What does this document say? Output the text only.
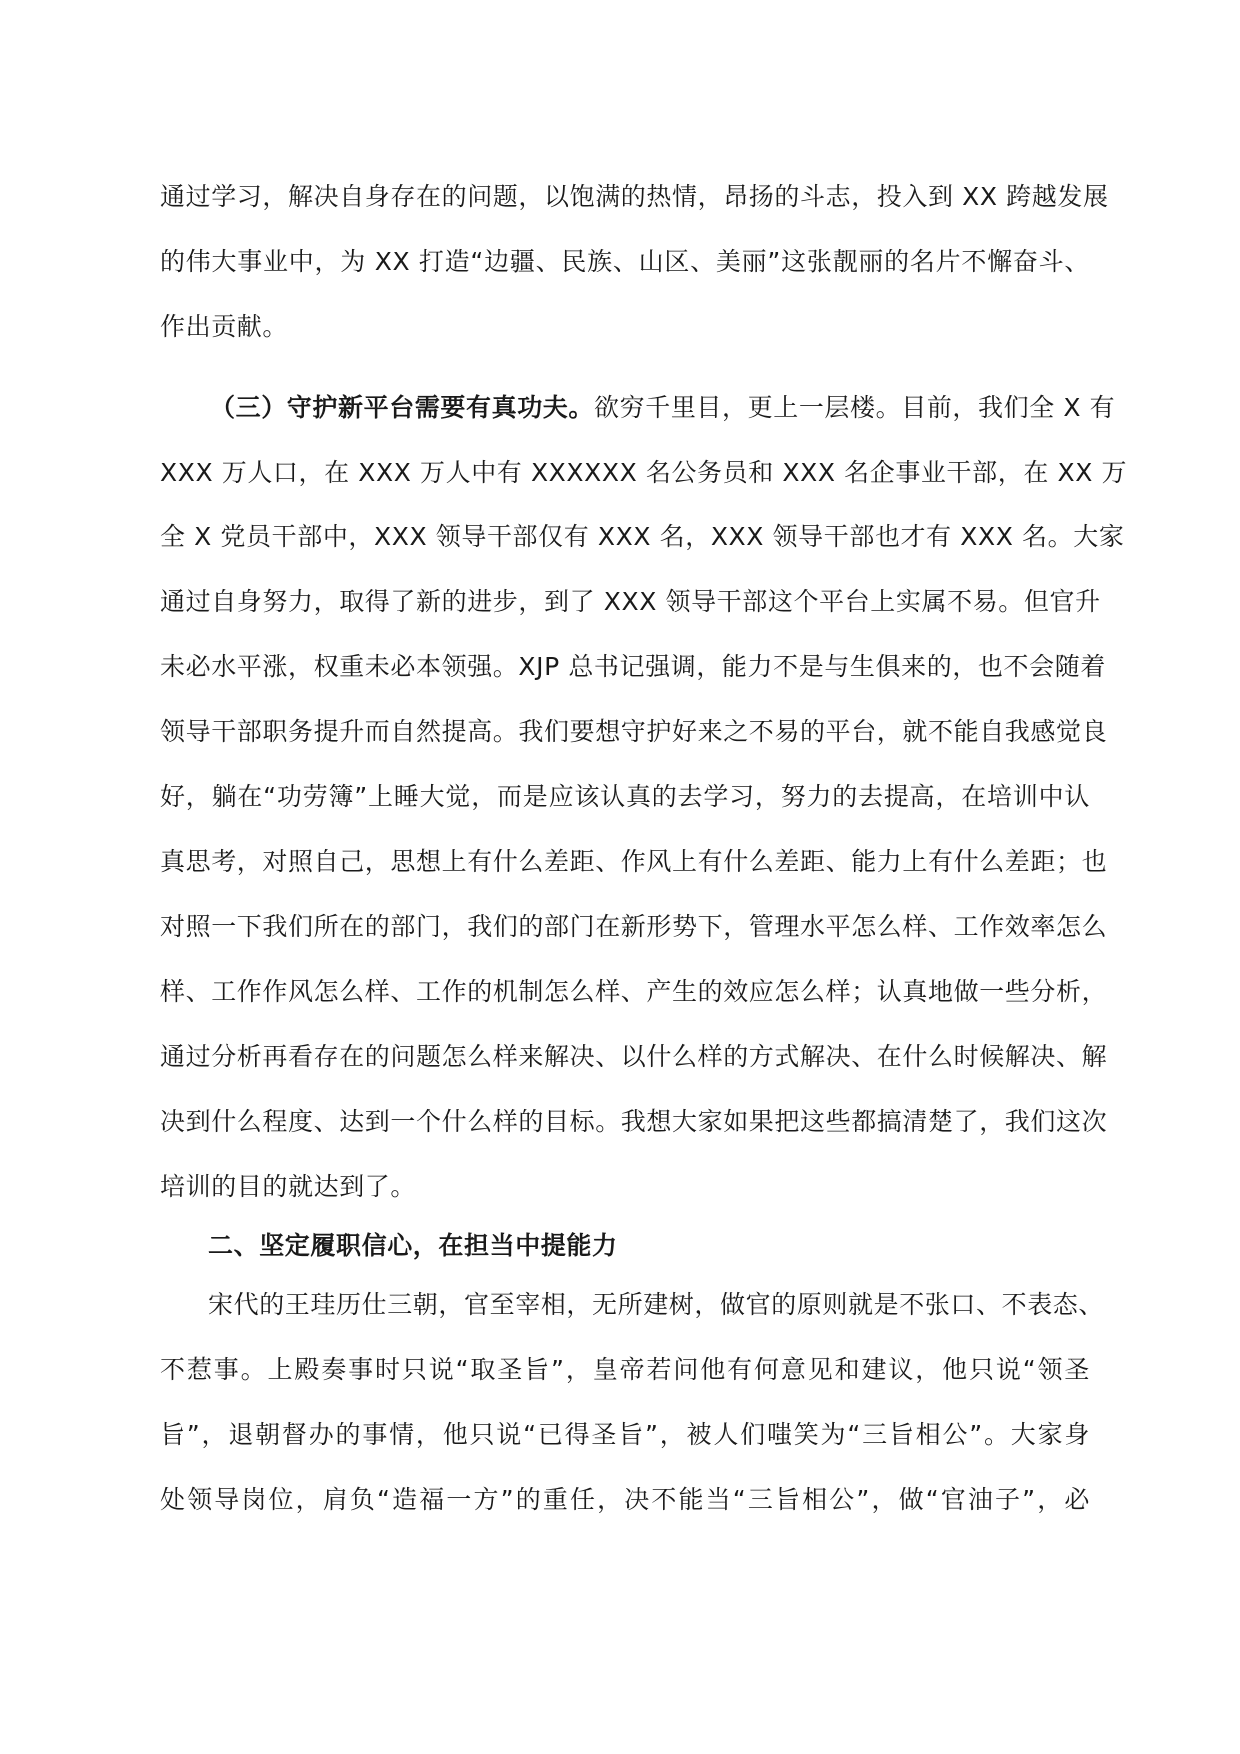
通过学习，解决自身存在的问题，以饱满的热情，昂扬的斗志，投入到 XX 跨越发展
的伟大事业中，为 XX 打造“边疆、民族、山区、美丽”这张靓丽的名片不懈奋斗、
作出贡献。
（三）守护新平台需要有真功夫。欲穷千里目，更上一层楼。目前，我们全 X 有
XXX 万人口，在 XXX 万人中有 XXXXXX 名公务员和 XXX 名企事业干部，在 XX 万
全 X 党员干部中，XXX 领导干部仅有 XXX 名，XXX 领导干部也才有 XXX 名。大家
通过自身努力，取得了新的进步，到了 XXX 领导干部这个平台上实属不易。但官升
未必水平涨，权重未必本领强。XJP 总书记强调，能力不是与生俱来的，也不会随着
领导干部职务提升而自然提高。我们要想守护好来之不易的平台，就不能自我感觉良
好，躺在“功劳簿”上睡大觉，而是应该认真的去学习，努力的去提高，在培训中认
真思考，对照自己，思想上有什么差距、作风上有什么差距、能力上有什么差距；也
对照一下我们所在的部门，我们的部门在新形势下，管理水平怎么样、工作效率怎么
样、工作作风怎么样、工作的机制怎么样、产生的效应怎么样；认真地做一些分析，
通过分析再看存在的问题怎么样来解决、以什么样的方式解决、在什么时候解决、解
决到什么程度、达到一个什么样的目标。我想大家如果把这些都搞清楚了，我们这次
培训的目的就达到了。
二、坚定履职信心，在担当中提能力
宋代的王珪历仕三朝，官至宰相，无所建树，做官的原则就是不张口、不表态、
不惹事。上殿奏事时只说“取圣旨”，皇帝若问他有何意见和建议，他只说“领圣
旨”，退朝督办的事情，他只说“已得圣旨”，被人们嗤笑为“三旨相公”。大家身
处领导岗位，肩负“造福一方”的重任，决不能当“三旨相公”，做“官油子”，必
